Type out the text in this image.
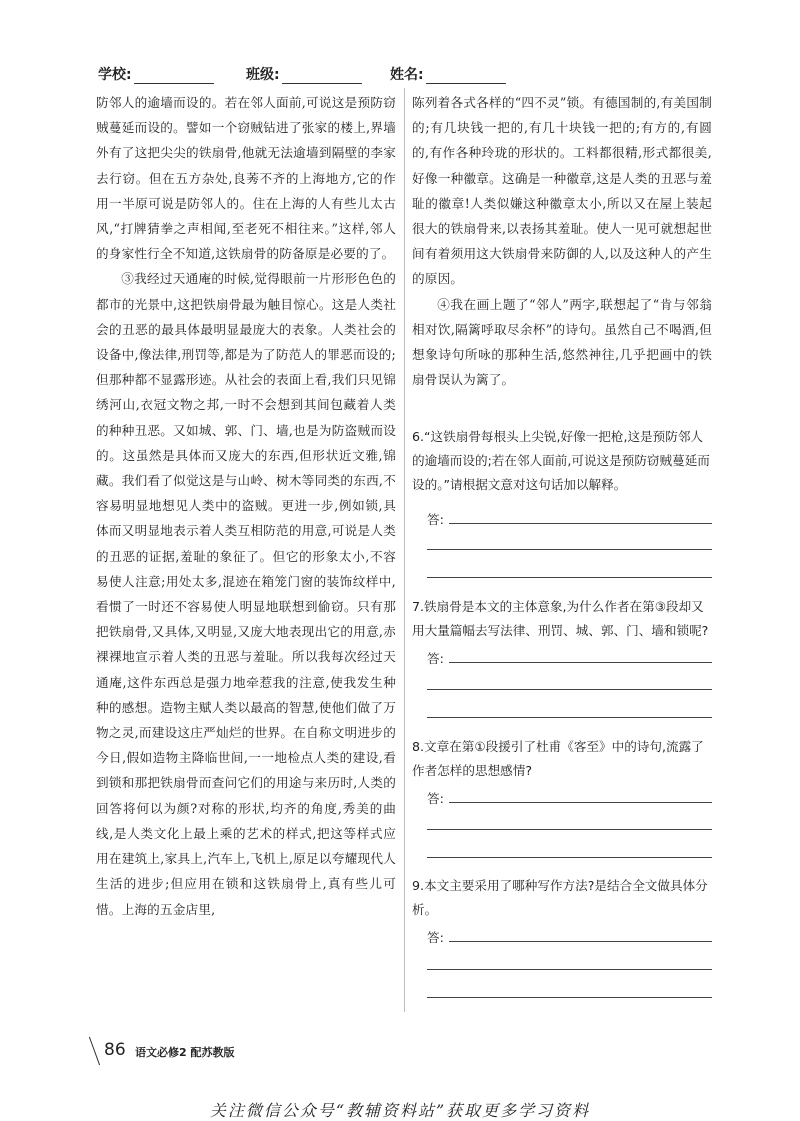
学校:	班级:	姓名:

防邻人的逾墙而设的。若在邻人面前,可说这是预防窃贼蔓延而设的。譬如一个窃贼钻进了张家的楼上,界墙外有了这把尖尖的铁扇骨,他就无法逾墙到隔壁的李家去行窃。但在五方杂处,良莠不齐的上海地方,它的作用一半原可说是防邻人的。住在上海的人有些儿太古风,“打牌猜拳之声相闻,至老死不相往来。”这样,邻人的身家性行全不知道,这铁扇骨的防备原是必要的了。

③我经过天通庵的时候,觉得眼前一片形形色色的都市的光景中,这把铁扇骨最为触目惊心。这是人类社会的丑恶的最具体最明显最庞大的表象。人类社会的设备中,像法律,刑罚等,都是为了防范人的罪恶而设的;但那种都不显露形迹。从社会的表面上看,我们只见锦绣河山,衣冠文物之邦,一时不会想到其间包藏着人类的种种丑恶。又如城、郭、门、墙,也是为防盗贼而设的。这虽然是具体而又庞大的东西,但形状近文雅,锦藏。我们看了似觉这是与山岭、树木等同类的东西,不容易明显地想见人类中的盗贼。更进一步,例如锁,具体而又明显地表示着人类互相防范的用意,可说是人类的丑恶的证据,羞耻的象征了。但它的形象太小,不容易使人注意;用处太多,混迹在箱笼门窗的装饰纹样中,看惯了一时还不容易使人明显地联想到偷窃。只有那把铁扇骨,又具体,又明显,又庞大地表现出它的用意,赤裸裸地宣示着人类的丑恶与羞耻。所以我每次经过天通庵,这件东西总是强力地牵惹我的注意,使我发生种种的感想。造物主赋人类以最高的智慧,使他们做了万物之灵,而建设这庄严灿烂的世界。在自称文明进步的今日,假如造物主降临世间,一一地检点人类的建设,看到锁和那把铁扇骨而查问它们的用途与来历时,人类的回答将何以为颜?对称的形状,均齐的角度,秀美的曲线,是人类文化上最上乘的艺术的样式,把这等样式应用在建筑上,家具上,汽车上,飞机上,原足以夸耀现代人生活的进步;但应用在锁和这铁扇骨上,真有些儿可惜。上海的五金店里,

陈列着各式各样的“四不灵”锁。有德国制的,有美国制的;有几块钱一把的,有几十块钱一把的;有方的,有圆的,有作各种玲珑的形状的。工料都很精,形式都很美,好像一种徽章。这确是一种徽章,这是人类的丑恶与羞耻的徽章!人类似嫌这种徽章太小,所以又在屋上装起很大的铁扇骨来,以表扬其羞耻。使人一见可就想起世间有着须用这大铁扇骨来防御的人,以及这种人的产生的原因。

④我在画上题了“邻人”两字,联想起了“肯与邻翁相对饮,隔篱呼取尽余杯”的诗句。虽然自己不喝酒,但想象诗句所咏的那种生活,悠然神往,几乎把画中的铁扇骨误认为篱了。

6.“这铁扇骨每根头上尖锐,好像一把枪,这是预防邻人的逾墙而设的;若在邻人面前,可说这是预防窃贼蔓延而设的。”请根据文意对这句话加以解释。
答:
7.铁扇骨是本文的主体意象,为什么作者在第③段却又用大量篇幅去写法律、刑罚、城、郭、门、墙和锁呢?
答:
8.文章在第①段援引了杜甫《客至》中的诗句,流露了作者怎样的思想感情?
答:
9.本文主要采用了哪种写作方法?是结合全文做具体分析。
答:
86 语文必修2 配苏教版
关注微信公众号“教辅资料站”获取更多学习资料
